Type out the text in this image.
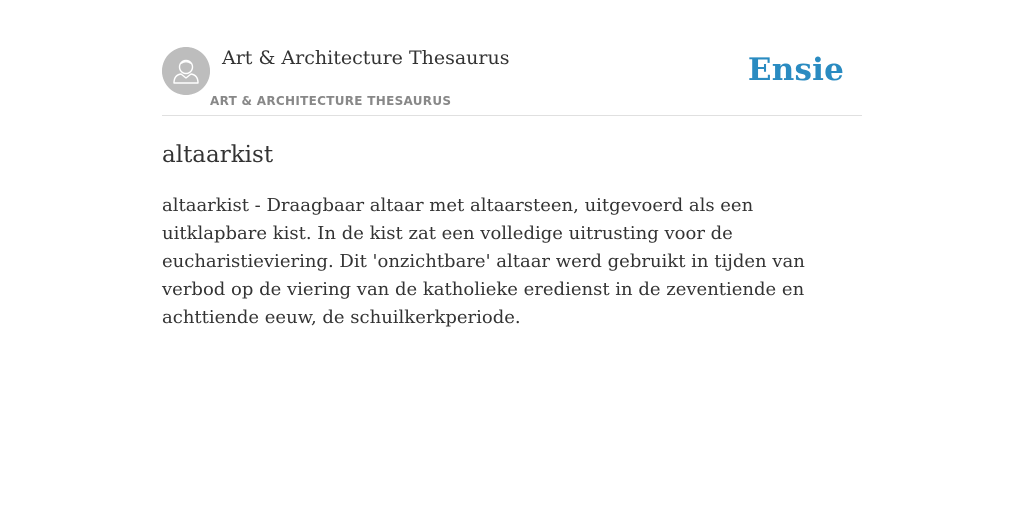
Art & Architecture Thesaurus
ART & ARCHITECTURE THESAURUS
Ensie
altaarkist

altaarkist - Draagbaar altaar met altaarsteen, uitgevoerd als een uitklapbare kist. In de kist zat een volledige uitrusting voor de eucharistieviering. Dit 'onzichtbare' altaar werd gebruikt in tijden van verbod op de viering van de katholieke eredienst in de zeventiende en achttiende eeuw, de schuilkerkperiode.
